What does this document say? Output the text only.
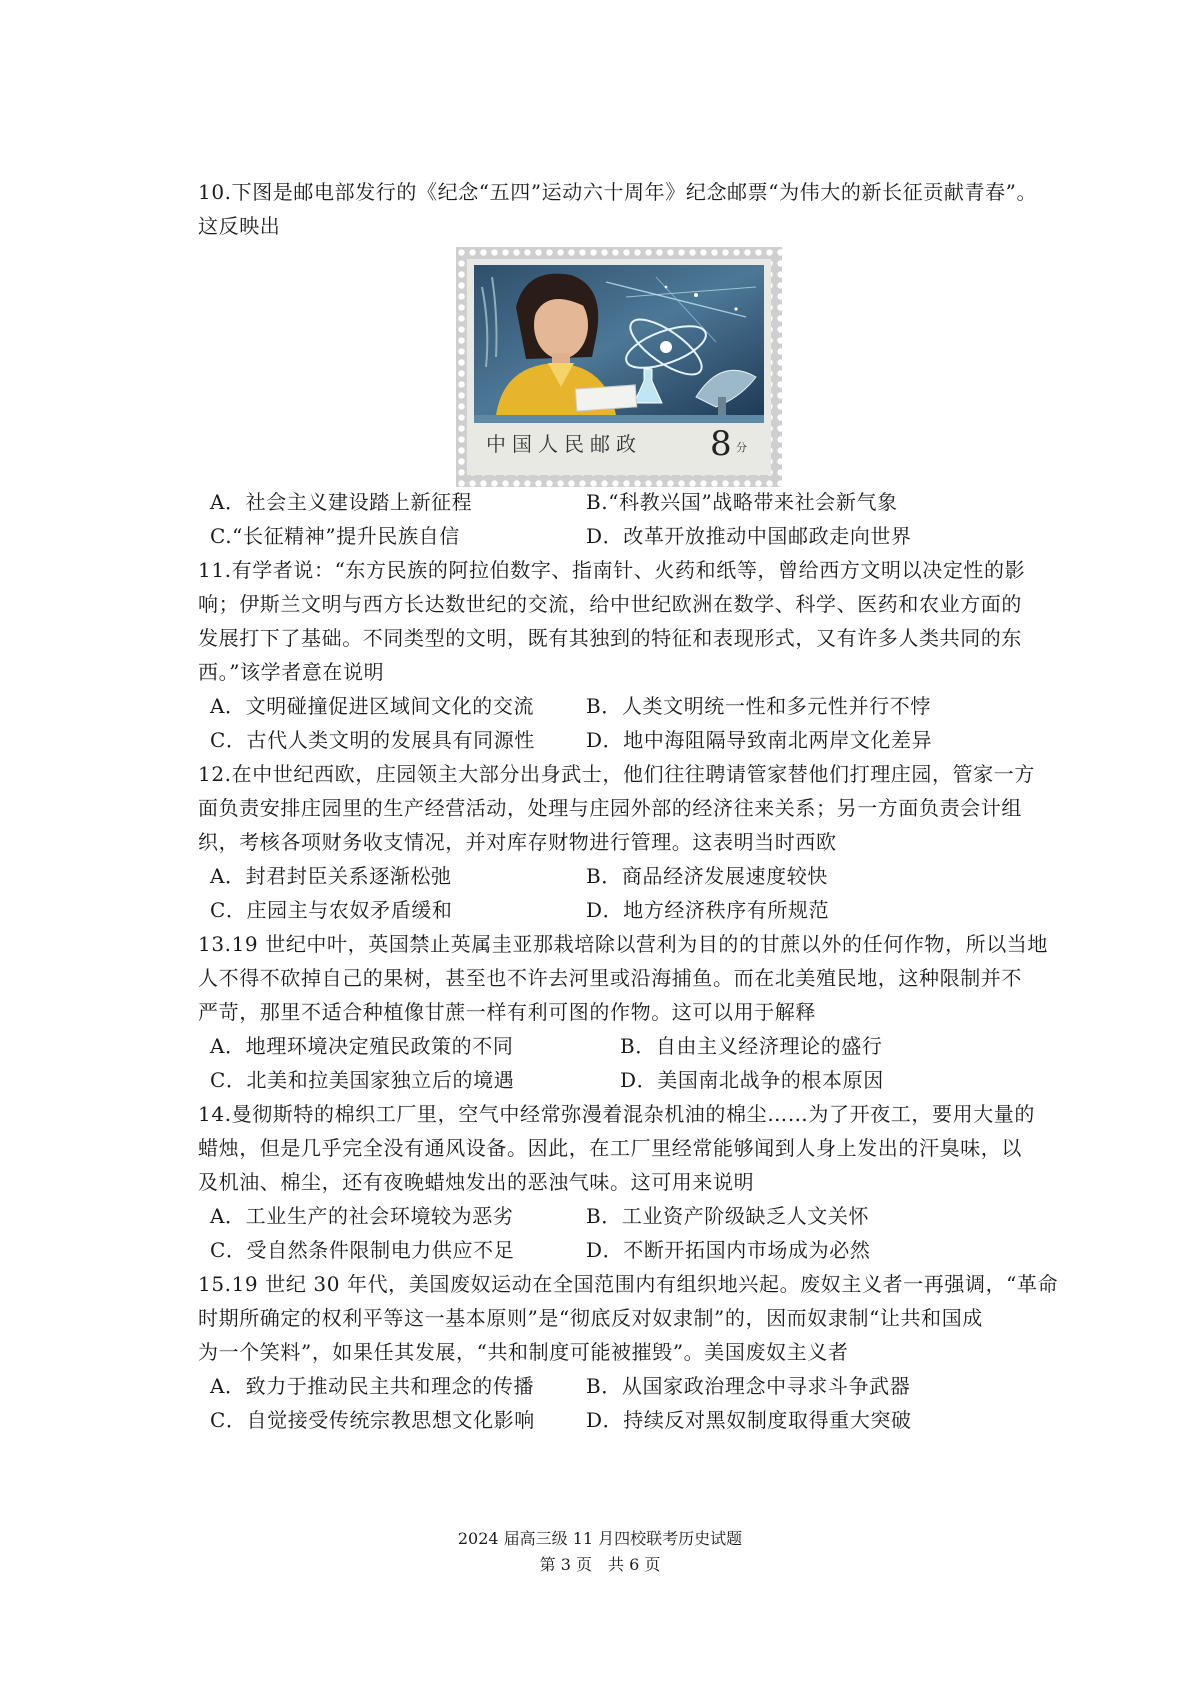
10.下图是邮电部发行的《纪念“五四”运动六十周年》纪念邮票“为伟大的新长征贡献青春”。
这反映出
中国人民邮政 8 分
A．社会主义建设踏上新征程	B.“科教兴国”战略带来社会新气象
C.“长征精神”提升民族自信	D．改革开放推动中国邮政走向世界
11.有学者说：“东方民族的阿拉伯数字、指南针、火药和纸等，曾给西方文明以决定性的影
响；伊斯兰文明与西方长达数世纪的交流，给中世纪欧洲在数学、科学、医药和农业方面的
发展打下了基础。不同类型的文明，既有其独到的特征和表现形式，又有许多人类共同的东
西。”该学者意在说明
A．文明碰撞促进区域间文化的交流	B．人类文明统一性和多元性并行不悖
C．古代人类文明的发展具有同源性	D．地中海阻隔导致南北两岸文化差异
12.在中世纪西欧，庄园领主大部分出身武士，他们往往聘请管家替他们打理庄园，管家一方
面负责安排庄园里的生产经营活动，处理与庄园外部的经济往来关系；另一方面负责会计组
织，考核各项财务收支情况，并对库存财物进行管理。这表明当时西欧
A．封君封臣关系逐渐松弛	B．商品经济发展速度较快
C．庄园主与农奴矛盾缓和	D．地方经济秩序有所规范
13.19 世纪中叶，英国禁止英属圭亚那栽培除以营利为目的的甘蔗以外的任何作物，所以当地
人不得不砍掉自己的果树，甚至也不许去河里或沿海捕鱼。而在北美殖民地，这种限制并不
严苛，那里不适合种植像甘蔗一样有利可图的作物。这可以用于解释
A．地理环境决定殖民政策的不同	B．自由主义经济理论的盛行
C．北美和拉美国家独立后的境遇	D．美国南北战争的根本原因
14.曼彻斯特的棉织工厂里，空气中经常弥漫着混杂机油的棉尘……为了开夜工，要用大量的
蜡烛，但是几乎完全没有通风设备。因此，在工厂里经常能够闻到人身上发出的汗臭味，以
及机油、棉尘，还有夜晚蜡烛发出的恶浊气味。这可用来说明
A．工业生产的社会环境较为恶劣	B．工业资产阶级缺乏人文关怀
C．受自然条件限制电力供应不足	D．不断开拓国内市场成为必然
15.19 世纪 30 年代，美国废奴运动在全国范围内有组织地兴起。废奴主义者一再强调，“革命
时期所确定的权利平等这一基本原则”是“彻底反对奴隶制”的，因而奴隶制“让共和国成
为一个笑料”，如果任其发展，“共和制度可能被摧毁”。美国废奴主义者
A．致力于推动民主共和理念的传播	B．从国家政治理念中寻求斗争武器
C．自觉接受传统宗教思想文化影响	D．持续反对黑奴制度取得重大突破
2024 届高三级 11 月四校联考历史试题
第 3 页　共 6 页
